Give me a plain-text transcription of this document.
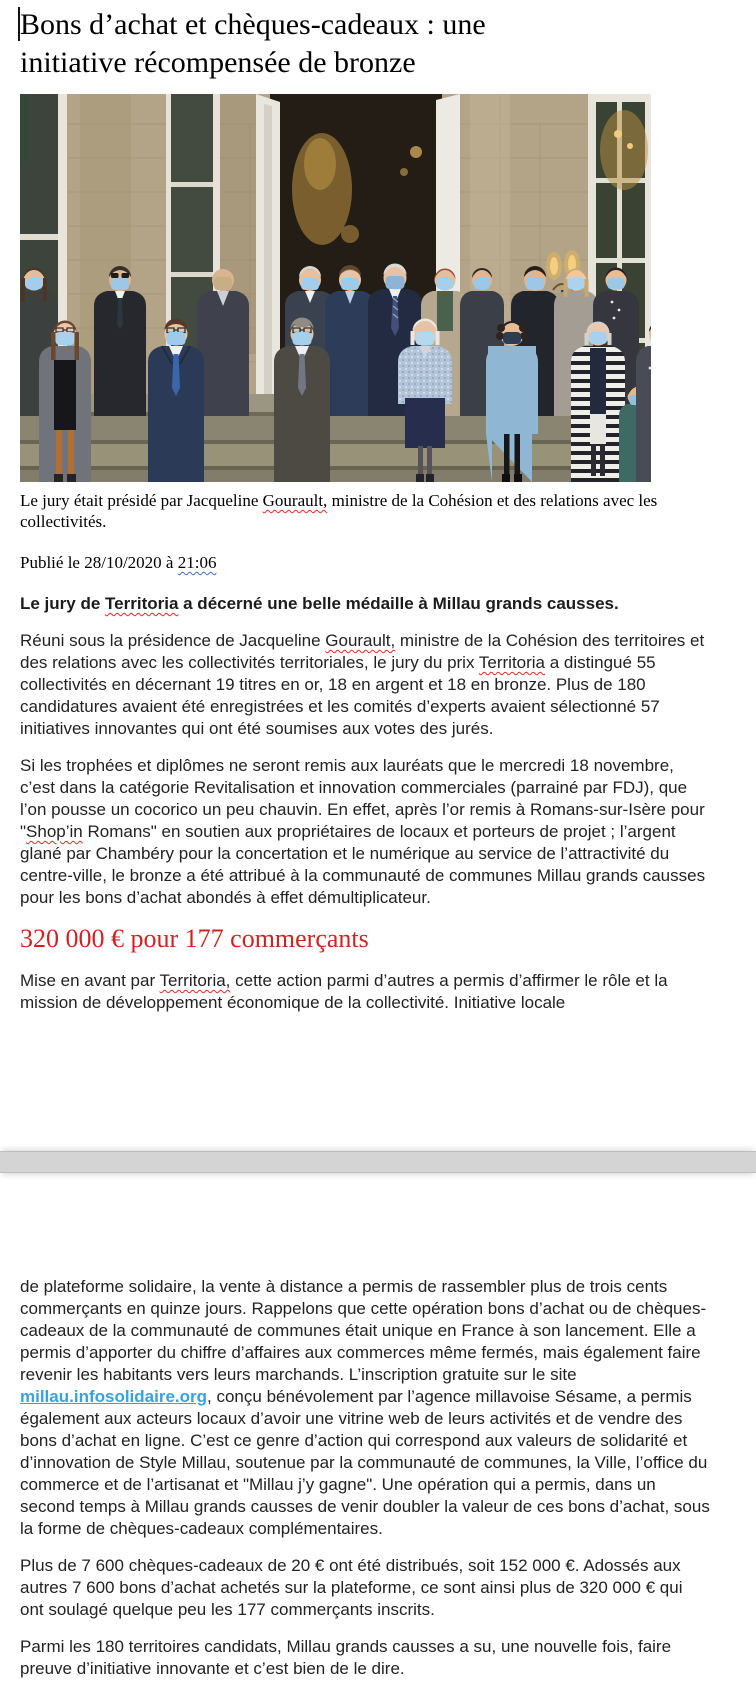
Bons d’achat et chèques-cadeaux : une initiative récompensée de bronze

Le jury était présidé par Jacqueline Gourault, ministre de la Cohésion et des relations avec les collectivités.

Publié le 28/10/2020 à 21:06

Le jury de Territoria a décerné une belle médaille à Millau grands causses.

Réuni sous la présidence de Jacqueline Gourault, ministre de la Cohésion des territoires et des relations avec les collectivités territoriales, le jury du prix Territoria a distingué 55 collectivités en décernant 19 titres en or, 18 en argent et 18 en bronze. Plus de 180 candidatures avaient été enregistrées et les comités d’experts avaient sélectionné 57 initiatives innovantes qui ont été soumises aux votes des jurés.

Si les trophées et diplômes ne seront remis aux lauréats que le mercredi 18 novembre, c’est dans la catégorie Revitalisation et innovation commerciales (parrainé par FDJ), que l’on pousse un cocorico un peu chauvin. En effet, après l’or remis à Romans-sur-Isère pour "Shop’in Romans" en soutien aux propriétaires de locaux et porteurs de projet ; l’argent glané par Chambéry pour la concertation et le numérique au service de l’attractivité du centre-ville, le bronze a été attribué à la communauté de communes Millau grands causses pour les bons d’achat abondés à effet démultiplicateur.

320 000 € pour 177 commerçants

Mise en avant par Territoria, cette action parmi d’autres a permis d’affirmer le rôle et la mission de développement économique de la collectivité. Initiative locale

de plateforme solidaire, la vente à distance a permis de rassembler plus de trois cents commerçants en quinze jours. Rappelons que cette opération bons d’achat ou de chèques-cadeaux de la communauté de communes était unique en France à son lancement. Elle a permis d’apporter du chiffre d’affaires aux commerces même fermés, mais également faire revenir les habitants vers leurs marchands. L’inscription gratuite sur le site millau.infosolidaire.org, conçu bénévolement par l’agence millavoise Sésame, a permis également aux acteurs locaux d’avoir une vitrine web de leurs activités et de vendre des bons d’achat en ligne. C’est ce genre d’action qui correspond aux valeurs de solidarité et d’innovation de Style Millau, soutenue par la communauté de communes, la Ville, l’office du commerce et de l’artisanat et "Millau j’y gagne". Une opération qui a permis, dans un second temps à Millau grands causses de venir doubler la valeur de ces bons d’achat, sous la forme de chèques-cadeaux complémentaires.

Plus de 7 600 chèques-cadeaux de 20 € ont été distribués, soit 152 000 €. Adossés aux autres 7 600 bons d’achat achetés sur la plateforme, ce sont ainsi plus de 320 000 € qui ont soulagé quelque peu les 177 commerçants inscrits.

Parmi les 180 territoires candidats, Millau grands causses a su, une nouvelle fois, faire preuve d’initiative innovante et c’est bien de le dire.
